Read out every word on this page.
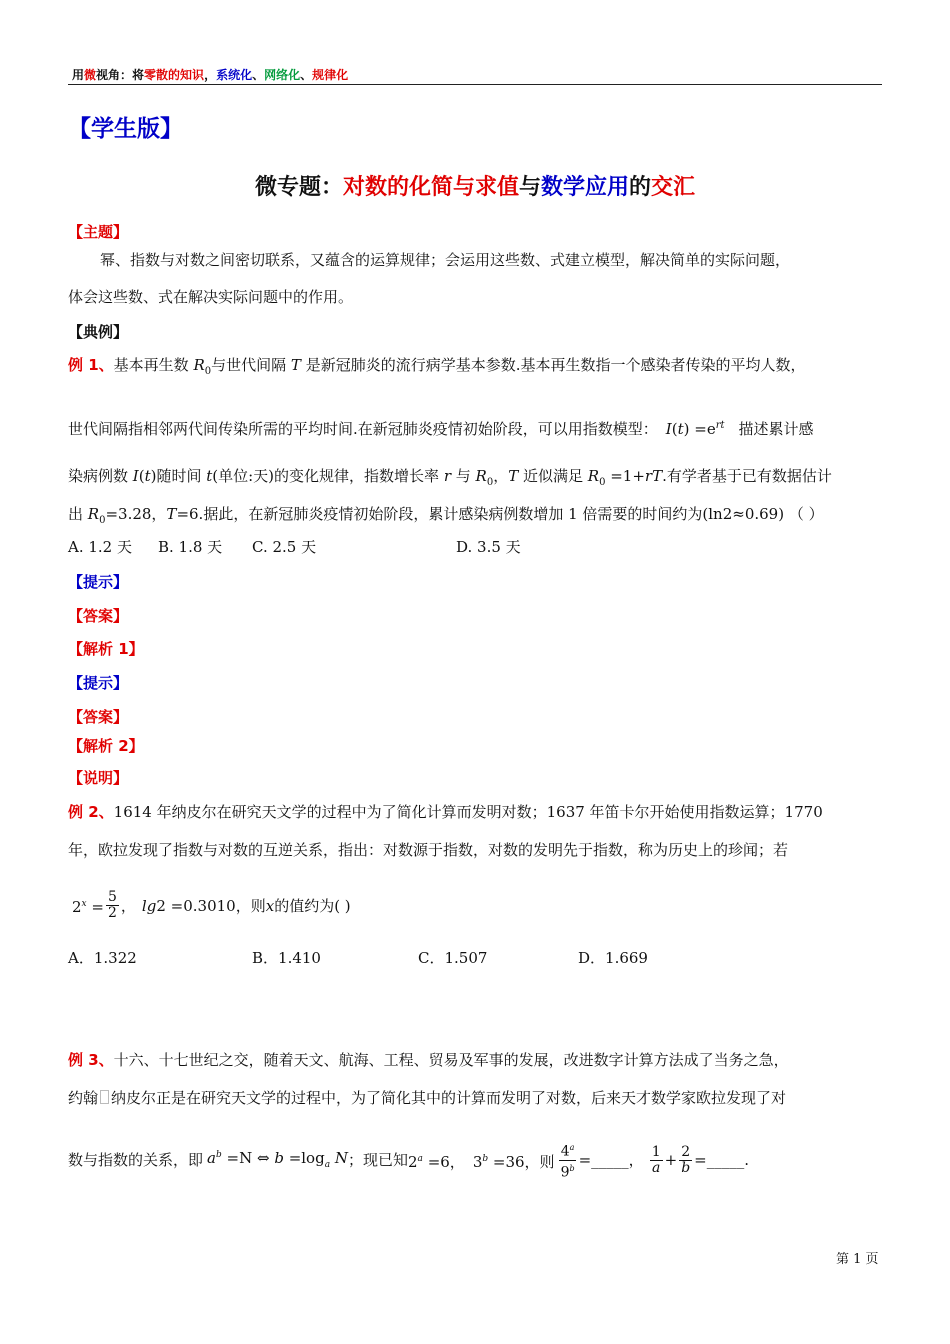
用微视角：将零散的知识，系统化、网络化、规律化
【学生版】
微专题：对数的化简与求值与数学应用的交汇
【主题】
幂、指数与对数之间密切联系，又蕴含的运算规律；会运用这些数、式建立模型，解决简单的实际问题，
体会这些数、式在解决实际问题中的作用。
【典例】
例 1、基本再生数 $R_0$与世代间隔 T 是新冠肺炎的流行病学基本参数.基本再生数指一个感染者传染的平均人数，
世代间隔指相邻两代间传染所需的平均时间.在新冠肺炎疫情初始阶段，可以用指数模型： $I(t) =e^{rt}$ 描述累计感
染病例数 I(t)随时间 t(单位:天)的变化规律，指数增长率 r 与 $R_0$，T 近似满足 $R_0 =1+rT$.有学者基于已有数据估计
出 $R_0=3.28$，T=6.据此，在新冠肺炎疫情初始阶段，累计感染病例数增加 1 倍需要的时间约为(ln2≈0.69) （ ）
A. 1.2 天 B. 1.8 天 C. 2.5 天	D. 3.5 天
【提示】
【答案】
【解析 1】
【提示】
【答案】
【解析 2】
【说明】
例 2、1614 年纳皮尔在研究天文学的过程中为了简化计算而发明对数；1637 年笛卡尔开始使用指数运算；1770
年，欧拉发现了指数与对数的互逆关系，指出：对数源于指数，对数的发明先于指数，称为历史上的珍闻；若
$2^x = \frac{5}{2}$ ， lg2 =0.3010 ，则 x 的值约为( )
A．1.322	B．1.410	C．1.507	D．1.669
例 3、十六、十七世纪之交，随着天文、航海、工程、贸易及军事的发展，改进数字计算方法成了当务之急，
约翰 纳皮尔正是在研究天文学的过程中，为了简化其中的计算而发明了对数，后来天才数学家欧拉发现了对
数与指数的关系，即 $a^b =N$ ⇔ $b =\log_a$ N ；现已知 $2^a =6$， $3^b =36$，则 $\frac{4^a}{9^b}$ =_____， $\frac{1}{a} + \frac{2}{b}$ =_____.
第 1 页
